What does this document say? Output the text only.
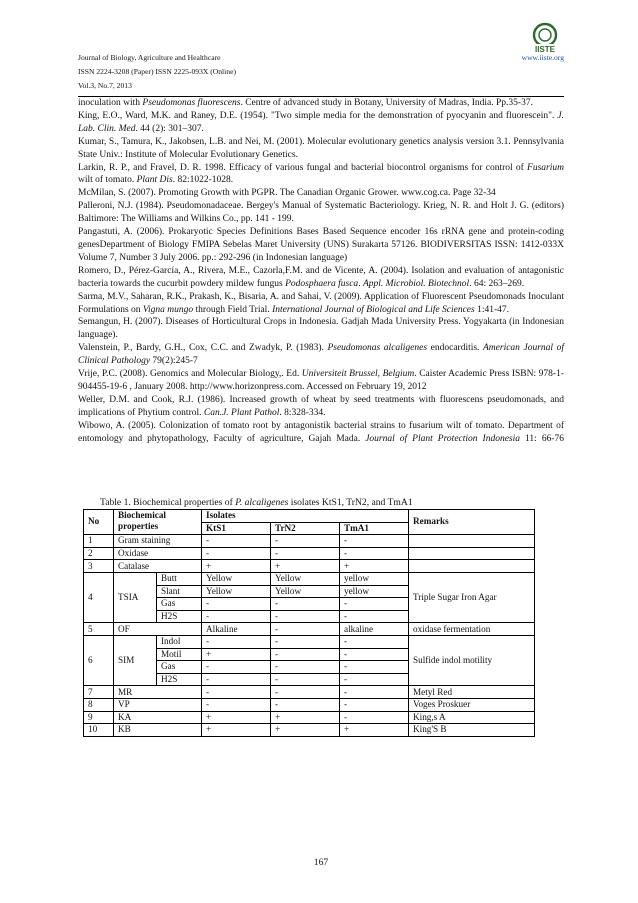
Journal of Biology, Agriculture and Healthcare
ISSN 2224-3208 (Paper) ISSN 2225-093X (Online)
Vol.3, No.7, 2013
www.iiste.org
IISTE

inoculation with Pseudomonas fluorescens. Centre of advanced study in Botany, University of Madras, India. Pp.35-37.

King, E.O., Ward, M.K. and Raney, D.E. (1954). "Two simple media for the demonstration of pyocyanin and fluorescein". J. Lab. Clin. Med. 44 (2): 301–307.

Kumar, S., Tamura, K., Jakobsen, L.B. and Nei, M. (2001). Molecular evolutionary genetics analysis version 3.1. Pennsylvania State Univ.: Institute of Molecular Evolutionary Genetics.

Larkin, R. P., and Fravel, D. R. 1998. Efficacy of various fungal and bacterial biocontrol organisms for control of Fusarium wilt of tomato. Plant Dis. 82:1022-1028.

McMilan, S. (2007). Promoting Growth with PGPR. The Canadian Organic Grower. www.cog.ca. Page 32-34

Palleroni, N.J. (1984). Pseudomonadaceae. Bergey's Manual of Systematic Bacteriology. Krieg, N. R. and Holt J. G. (editors) Baltimore: The Williams and Wilkins Co., pp. 141 - 199.

Pangastuti, A. (2006). Prokaryotic Species Definitions Bases Based Sequence encoder 16s rRNA gene and protein-coding genesDepartment of Biology FMIPA Sebelas Maret University (UNS) Surakarta 57126. BIODIVERSITAS ISSN: 1412-033X Volume 7, Number 3 July 2006. pp.: 292-296 (in Indonesian language)

Romero, D., Pérez-García, A., Rivera, M.E., Cazorla,F.M. and de Vicente, A. (2004). Isolation and evaluation of antagonistic bacteria towards the cucurbit powdery mildew fungus Podosphaera fusca. Appl. Microbiol. Biotechnol. 64: 263–269.

Sarma, M.V., Saharan, R.K., Prakash, K., Bisaria, A. and Sahai, V. (2009). Application of Fluorescent Pseudomonads Inoculant Formulations on Vigna mungo through Field Trial. International Journal of Biological and Life Sciences 1:41-47.

Semangun, H. (2007). Diseases of Horticultural Crops in Indonesia. Gadjah Mada University Press. Yogyakarta (in Indonesian language).

Valenstein, P., Bardy, G.H., Cox, C.C. and Zwadyk, P. (1983). Pseudomonas alcaligenes endocarditis. American Journal of Clinical Pathology 79(2):245-7

Vrije, P.C. (2008). Genomics and Molecular Biology,. Ed. Universiteit Brussel, Belgium. Caister Academic Press ISBN: 978-1-904455-19-6 , January 2008. http://www.horizonpress.com. Accessed on February 19, 2012

Weller, D.M. and Cook, R.J. (1986). Increased growth of wheat by seed treatments with fluorescens pseudomonads, and implications of Phytium control. Can.J. Plant Pathol. 8:328-334.

Wibowo, A. (2005). Colonization of tomato root by antagonistik bacterial strains to fusarium wilt of tomato. Department of entomology and phytopathology, Faculty of agriculture, Gajah Mada. Journal of Plant Protection Indonesia 11: 66-76

Table 1. Biochemical properties of P. alcaligenes isolates KtS1, TrN2, and TmA1
No	Biochemical properties		Isolates			Remarks
			KtS1	TrN2	TmA1	
1	Gram staining		-	-	-	
2	Oxidase		-	-	-	
3	Catalase		+	+	+	
4	TSIA	Butt	Yellow	Yellow	yellow	Triple Sugar Iron Agar
		Slant	Yellow	Yellow	yellow	
		Gas	-	-	-	
		H2S	-	-	-	
5	OF		Alkaline	-	alkaline	oxidase fermentation
6	SIM	Indol	-	-	-	Sulfide indol motility
		Motil	+	-	-	
		Gas	-	-	-	
		H2S	-	-	-	
7	MR		-	-	-	Metyl Red
8	VP		-	-	-	Voges Proskuer
9	KA		+	+	-	King,s A
10	KB		+	+	+	King'S B
167
